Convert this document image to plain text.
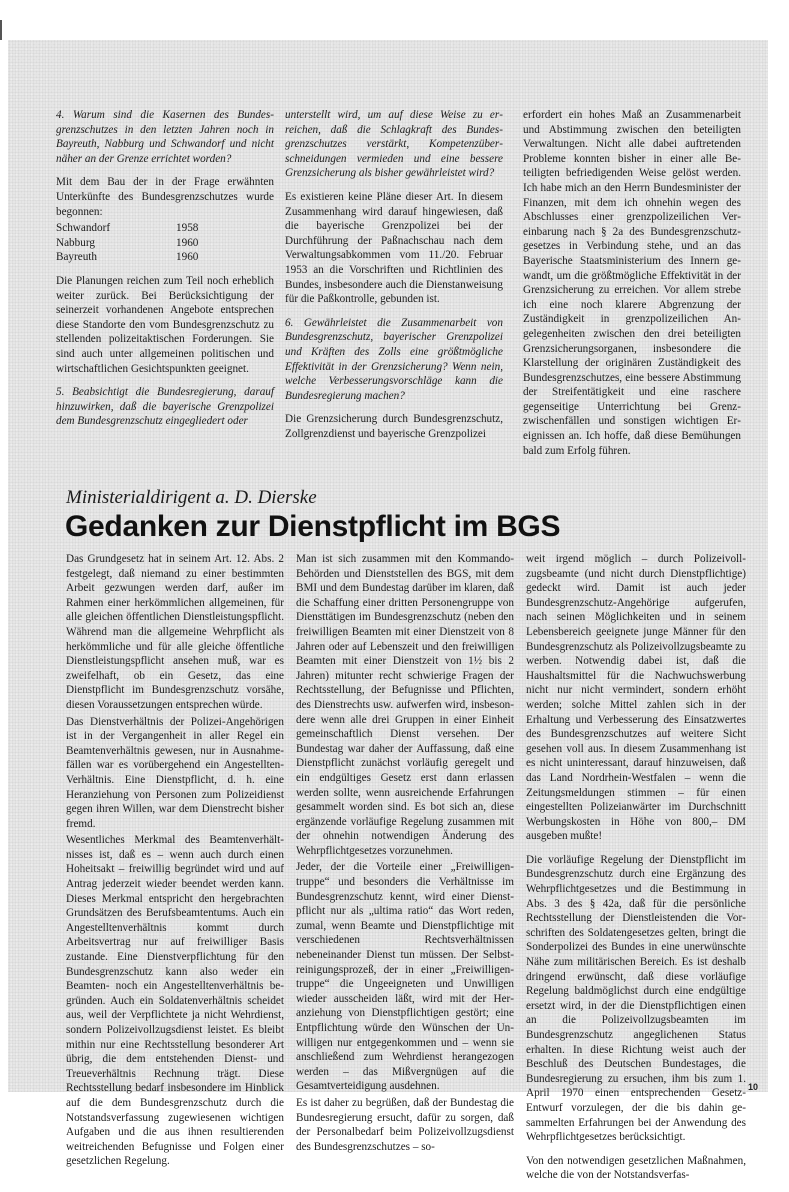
4. Warum sind die Kasernen des Bundesgrenzschutzes in den letzten Jahren noch in Bayreuth, Nabburg und Schwandorf und nicht näher an der Grenze errichtet worden?

Mit dem Bau der in der Frage erwähnten Unterkünfte des Bundesgrenzschutzes wurde begonnen:

Schwandorf	1958
Nabburg	1960
Bayreuth	1960

Die Planungen reichen zum Teil noch erheblich weiter zurück. Bei Berücksichtigung der seinerzeit vorhandenen Angebote entsprechen diese Standorte den vom Bundesgrenzschutz zu stellenden polizeitaktischen Forderungen. Sie sind auch unter allgemeinen politischen und wirtschaftlichen Gesichtspunkten geeignet.

5. Beabsichtigt die Bundesregierung, darauf hinzuwirken, daß die bayerische Grenzpolizei dem Bundesgrenzschutz eingegliedert oder

unterstellt wird, um auf diese Weise zu erreichen, daß die Schlagkraft des Bundesgrenzschutzes verstärkt, Kompetenzüberschneidungen vermieden und eine bessere Grenzsicherung als bisher gewährleistet wird?

Es existieren keine Pläne dieser Art. In diesem Zusammenhang wird darauf hingewiesen, daß die bayerische Grenzpolizei bei der Durchführung der Paßnachschau nach dem Verwaltungsabkommen vom 11./20. Februar 1953 an die Vorschriften und Richtlinien des Bundes, insbesondere auch die Dienstanweisung für die Paßkontrolle, gebunden ist.

6. Gewährleistet die Zusammenarbeit von Bundesgrenzschutz, bayerischer Grenzpolizei und Kräften des Zolls eine größtmögliche Effektivität in der Grenzsicherung? Wenn nein, welche Verbesserungsvorschläge kann die Bundesregierung machen?

Die Grenzsicherung durch Bundesgrenzschutz, Zollgrenzdienst und bayerische Grenzpolizei

erfordert ein hohes Maß an Zusammenarbeit und Abstimmung zwischen den beteiligten Verwaltungen. Nicht alle dabei auftretenden Probleme konnten bisher in einer alle Beteiligten befriedigenden Weise gelöst werden. Ich habe mich an den Herrn Bundesminister der Finanzen, mit dem ich ohnehin wegen des Abschlusses einer grenzpolizeilichen Vereinbarung nach § 2a des Bundesgrenzschutzgesetzes in Verbindung stehe, und an das Bayerische Staatsministerium des Innern gewandt, um die größtmögliche Effektivität in der Grenzsicherung zu erreichen. Vor allem strebe ich eine noch klarere Abgrenzung der Zuständigkeit in grenzpolizeilichen Angelegenheiten zwischen den drei beteiligten Grenzsicherungsorganen, insbesondere die Klarstellung der originären Zuständigkeit des Bundesgrenzschutzes, eine bessere Abstimmung der Streifentätigkeit und eine raschere gegenseitige Unterrichtung bei Grenzzwischenfällen und sonstigen wichtigen Ereignissen an. Ich hoffe, daß diese Bemühungen bald zum Erfolg führen.

Ministerialdirigent a. D. Dierske
Gedanken zur Dienstpflicht im BGS

Das Grundgesetz hat in seinem Art. 12. Abs. 2 festgelegt, daß niemand zu einer bestimmten Arbeit gezwungen werden darf, außer im Rahmen einer herkömmlichen allgemeinen, für alle gleichen öffentlichen Dienstleistungspflicht. Während man die allgemeine Wehrpflicht als herkömmliche und für alle gleiche öffentliche Dienstleistungspflicht ansehen muß, war es zweifelhaft, ob ein Gesetz, das eine Dienstpflicht im Bundesgrenzschutz vorsähe, diesen Voraussetzungen entsprechen würde.

Das Dienstverhältnis der Polizei-Angehörigen ist in der Vergangenheit in aller Regel ein Beamtenverhältnis gewesen, nur in Ausnahmefällen war es vorübergehend ein Angestellten-Verhältnis. Eine Dienstpflicht, d. h. eine Heranziehung von Personen zum Polizeidienst gegen ihren Willen, war dem Dienstrecht bisher fremd.

Wesentliches Merkmal des Beamtenverhältnisses ist, daß es – wenn auch durch einen Hoheitsakt – freiwillig begründet wird und auf Antrag jederzeit wieder beendet werden kann. Dieses Merkmal entspricht den hergebrachten Grundsätzen des Berufsbeamtentums. Auch ein Angestelltenverhältnis kommt durch Arbeitsvertrag nur auf freiwilliger Basis zustande. Eine Dienstverpflichtung für den Bundesgrenzschutz kann also weder ein Beamten- noch ein Angestelltenverhältnis begründen. Auch ein Soldatenverhältnis scheidet aus, weil der Verpflichtete ja nicht Wehrdienst, sondern Polizeivollzugsdienst leistet. Es bleibt mithin nur eine Rechtsstellung besonderer Art übrig, die dem entstehenden Dienst- und Treueverhältnis Rechnung trägt. Diese Rechtsstellung bedarf insbesondere im Hinblick auf die dem Bundesgrenzschutz durch die Notstandsverfassung zugewiesenen wichtigen Aufgaben und die aus ihnen resultierenden weitreichenden Befugnisse und Folgen einer gesetzlichen Regelung.

Man ist sich zusammen mit den Kommando-Behörden und Dienststellen des BGS, mit dem BMI und dem Bundestag darüber im klaren, daß die Schaffung einer dritten Personengruppe von Diensttätigen im Bundesgrenzschutz (neben den freiwilligen Beamten mit einer Dienstzeit von 8 Jahren oder auf Lebenszeit und den freiwilligen Beamten mit einer Dienstzeit von 1½ bis 2 Jahren) mitunter recht schwierige Fragen der Rechtsstellung, der Befugnisse und Pflichten, des Dienstrechts usw. aufwerfen wird, insbesondere wenn alle drei Gruppen in einer Einheit gemeinschaftlich Dienst versehen. Der Bundestag war daher der Auffassung, daß eine Dienstpflicht zunächst vorläufig geregelt und ein endgültiges Gesetz erst dann erlassen werden sollte, wenn ausreichende Erfahrungen gesammelt worden sind. Es bot sich an, diese ergänzende vorläufige Regelung zusammen mit der ohnehin notwendigen Änderung des Wehrpflichtgesetzes vorzunehmen.

Jeder, der die Vorteile einer „Freiwilligentruppe“ und besonders die Verhältnisse im Bundesgrenzschutz kennt, wird einer Dienstpflicht nur als „ultima ratio“ das Wort reden, zumal, wenn Beamte und Dienstpflichtige mit verschiedenen Rechtsverhältnissen nebeneinander Dienst tun müssen. Der Selbstreinigungsprozeß, der in einer „Freiwilligentruppe“ die Ungeeigneten und Unwilligen wieder ausscheiden läßt, wird mit der Heranziehung von Dienstpflichtigen gestört; eine Entpflichtung würde den Wünschen der Unwilligen nur entgegenkommen und – wenn sie anschließend zum Wehrdienst herangezogen werden – das Mißvergnügen auf die Gesamtverteidigung ausdehnen.

Es ist daher zu begrüßen, daß der Bundestag die Bundesregierung ersucht, dafür zu sorgen, daß der Personalbedarf beim Polizeivollzugsdienst des Bundesgrenzschutzes – so-

weit irgend möglich – durch Polizeivollzugsbeamte (und nicht durch Dienstpflichtige) gedeckt wird. Damit ist auch jeder Bundesgrenzschutz-Angehörige aufgerufen, nach seinen Möglichkeiten und in seinem Lebensbereich geeignete junge Männer für den Bundesgrenzschutz als Polizeivollzugsbeamte zu werben. Notwendig dabei ist, daß die Haushaltsmittel für die Nachwuchswerbung nicht nur nicht vermindert, sondern erhöht werden; solche Mittel zahlen sich in der Erhaltung und Verbesserung des Einsatzwertes des Bundesgrenzschutzes auf weitere Sicht gesehen voll aus. In diesem Zusammenhang ist es nicht uninteressant, darauf hinzuweisen, daß das Land Nordrhein-Westfalen – wenn die Zeitungsmeldungen stimmen – für einen eingestellten Polizeianwärter im Durchschnitt Werbungskosten in Höhe von 800,– DM ausgeben mußte!

Die vorläufige Regelung der Dienstpflicht im Bundesgrenzschutz durch eine Ergänzung des Wehrpflichtgesetzes und die Bestimmung in Abs. 3 des § 42a, daß für die persönliche Rechtsstellung der Dienstleistenden die Vorschriften des Soldatengesetzes gelten, bringt die Sonderpolizei des Bundes in eine unerwünschte Nähe zum militärischen Bereich. Es ist deshalb dringend erwünscht, daß diese vorläufige Regelung baldmöglichst durch eine endgültige ersetzt wird, in der die Dienstpflichtigen einen an die Polizeivollzugsbeamten im Bundesgrenzschutz angeglichenen Status erhalten. In diese Richtung weist auch der Beschluß des Deutschen Bundestages, die Bundesregierung zu ersuchen, ihm bis zum 1. April 1970 einen entsprechenden Gesetz-Entwurf vorzulegen, der die bis dahin gesammelten Erfahrungen bei der Anwendung des Wehrpflichtgesetzes berücksichtigt.

Von den notwendigen gesetzlichen Maßnahmen, welche die von der Notstandsverfas-

10
